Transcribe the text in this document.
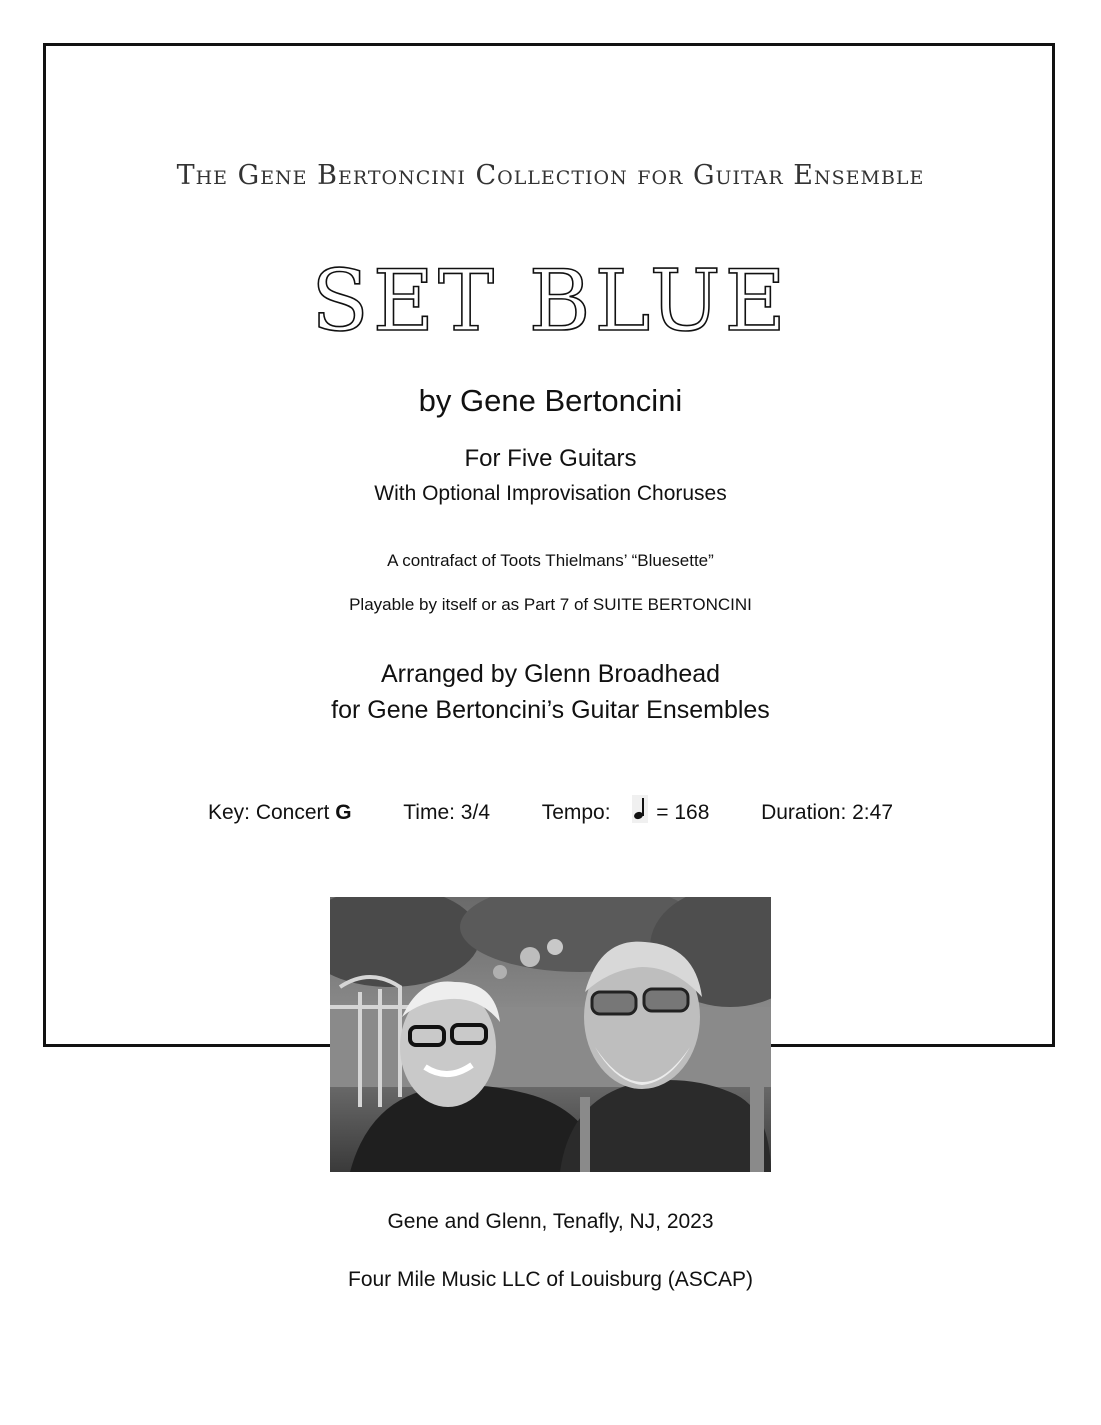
The Gene Bertoncini Collection for Guitar Ensemble
SET BLUE
by Gene Bertoncini
For Five Guitars
With Optional Improvisation Choruses
A contrafact of Toots Thielmans’ “Bluesette”
Playable by itself or as Part 7 of SUITE BERTONCINI
Arranged by Glenn Broadhead
for Gene Bertoncini’s Guitar Ensembles
Key: Concert G Time: 3/4 Tempo: = 168 Duration: 2:47
Gene and Glenn, Tenafly, NJ, 2023
Four Mile Music LLC of Louisburg (ASCAP)
